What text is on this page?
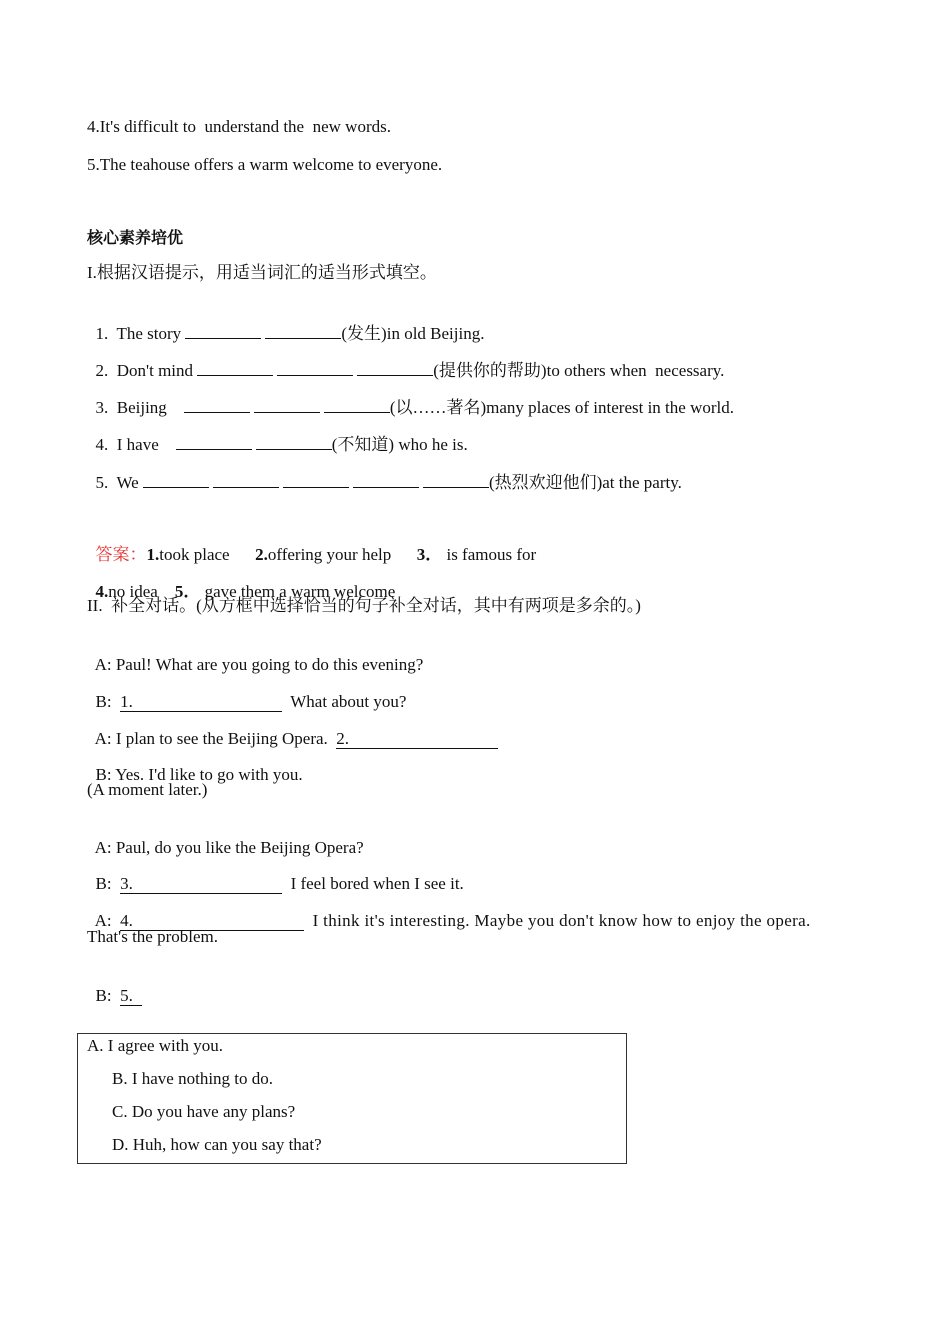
4.It's difficult to  understand the  new words.
5.The teahouse offers a warm welcome to everyone.
核心素养培优
I.根据汉语提示，用适当词汇的适当形式填空。

1. The story	(发生)in old Beijing.

2. Don't mind	(提供你的帮助)to others when  necessary.

3. Beijing	(以……著名)many places of interest in the world.

4. I have	(不知道) who he is.

5. We	(热烈欢迎他们)at the party.

答案：1.took place 2.offering your help 3． is famous for

4.no idea 5． gave them a warm welcome

II.  补全对话。(从方框中选择恰当的句子补全对话，其中有两项是多余的。)

A: Paul! What are you going to do this evening?

B: 1.	What about you?

A: I plan to see the Beijing Opera. 2.

B: Yes. I'd like to go with you.

(A moment later.)

A: Paul, do you like the Beijing Opera?

B: 3.	I feel bored when I see it.

A: 4.	I think it's interesting. Maybe you don't know how to enjoy the opera.

That's the problem.

B: 5.

A. I agree with you.
B. I have nothing to do.
C. Do you have any plans?
D. Huh, how can you say that?
